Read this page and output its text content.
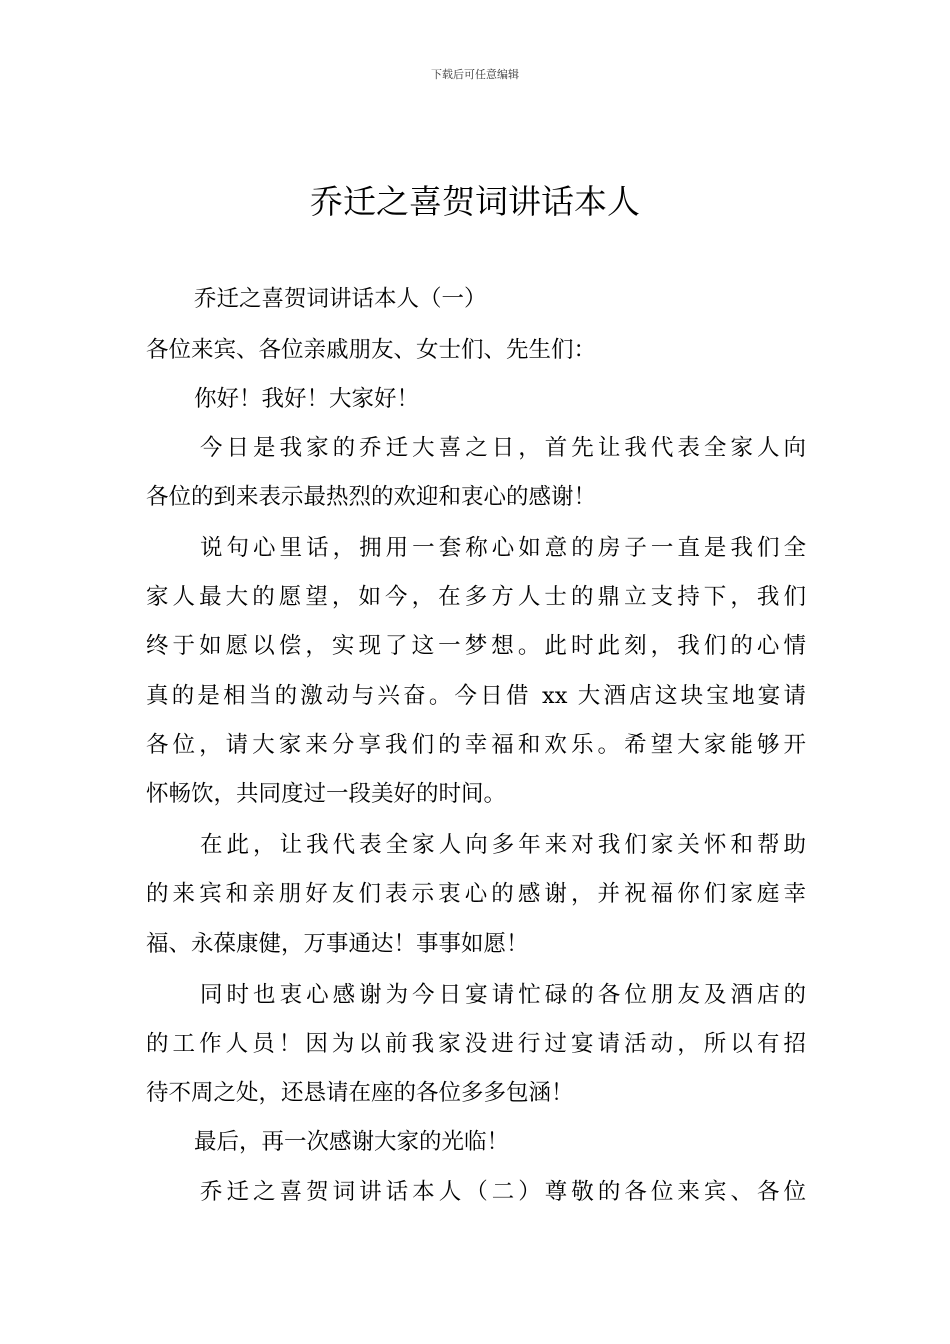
下载后可任意编辑
乔迁之喜贺词讲话本人
乔迁之喜贺词讲话本人（一）
各位来宾、各位亲戚朋友、女士们、先生们：
你好！我好！大家好！
今日是我家的乔迁大喜之日，首先让我代表全家人向
各位的到来表示最热烈的欢迎和衷心的感谢！
说句心里话，拥用一套称心如意的房子一直是我们全
家人最大的愿望，如今，在多方人士的鼎立支持下，我们
终于如愿以偿，实现了这一梦想。此时此刻，我们的心情
真的是相当的激动与兴奋。今日借 xx 大酒店这块宝地宴请
各位，请大家来分享我们的幸福和欢乐。希望大家能够开
怀畅饮，共同度过一段美好的时间。
在此，让我代表全家人向多年来对我们家关怀和帮助
的来宾和亲朋好友们表示衷心的感谢，并祝福你们家庭幸
福、永葆康健，万事通达！事事如愿！
同时也衷心感谢为今日宴请忙碌的各位朋友及酒店的
的工作人员！因为以前我家没进行过宴请活动，所以有招
待不周之处，还恳请在座的各位多多包涵！
最后，再一次感谢大家的光临！
乔迁之喜贺词讲话本人（二）尊敬的各位来宾、各位
